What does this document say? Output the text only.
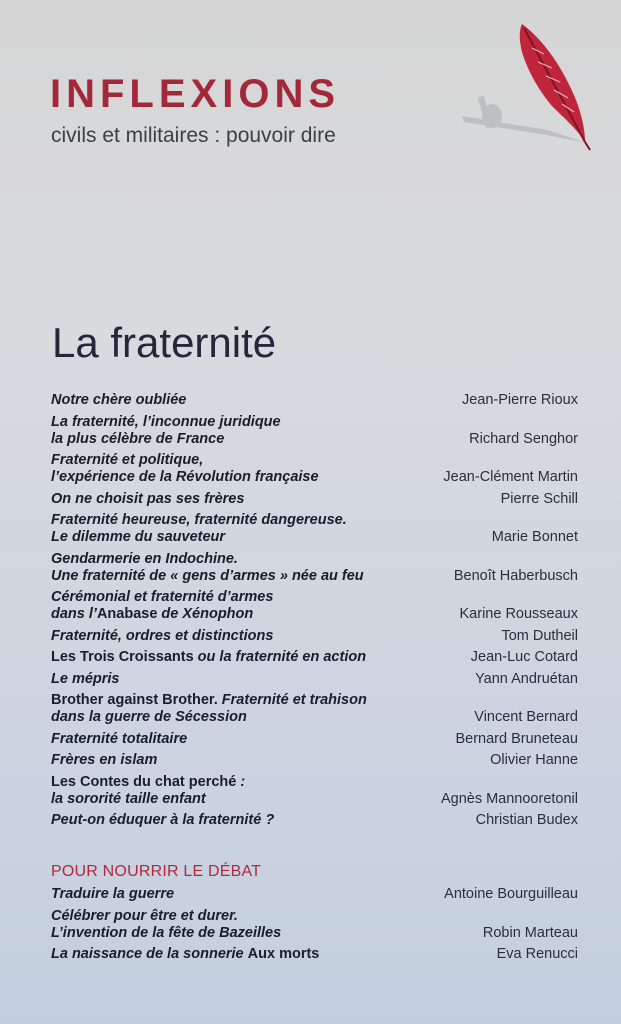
INFLEXIONS
civils et militaires : pouvoir dire
La fraternité
Notre chère oubliée	Jean-Pierre Rioux
La fraternité, l’inconnue juridique
la plus célèbre de France	Richard Senghor
Fraternité et politique,
l’expérience de la Révolution française	Jean-Clément Martin
On ne choisit pas ses frères	Pierre Schill
Fraternité heureuse, fraternité dangereuse.
Le dilemme du sauveteur	Marie Bonnet
Gendarmerie en Indochine.
Une fraternité de « gens d’armes » née au feu	Benoît Haberbusch
Cérémonial et fraternité d’armes
dans l’Anabase de Xénophon	Karine Rousseaux
Fraternité, ordres et distinctions	Tom Dutheil
Les Trois Croissants ou la fraternité en action	Jean-Luc Cotard
Le mépris	Yann Andruétan
Brother against Brother. Fraternité et trahison
dans la guerre de Sécession	Vincent Bernard
Fraternité totalitaire	Bernard Bruneteau
Frères en islam	Olivier Hanne
Les Contes du chat perché :
la sororité taille enfant	Agnès Mannooretonil
Peut-on éduquer à la fraternité ?	Christian Budex
POUR NOURRIR LE DÉBAT
Traduire la guerre	Antoine Bourguilleau
Célébrer pour être et durer.
L’invention de la fête de Bazeilles	Robin Marteau
La naissance de la sonnerie Aux morts	Eva Renucci
